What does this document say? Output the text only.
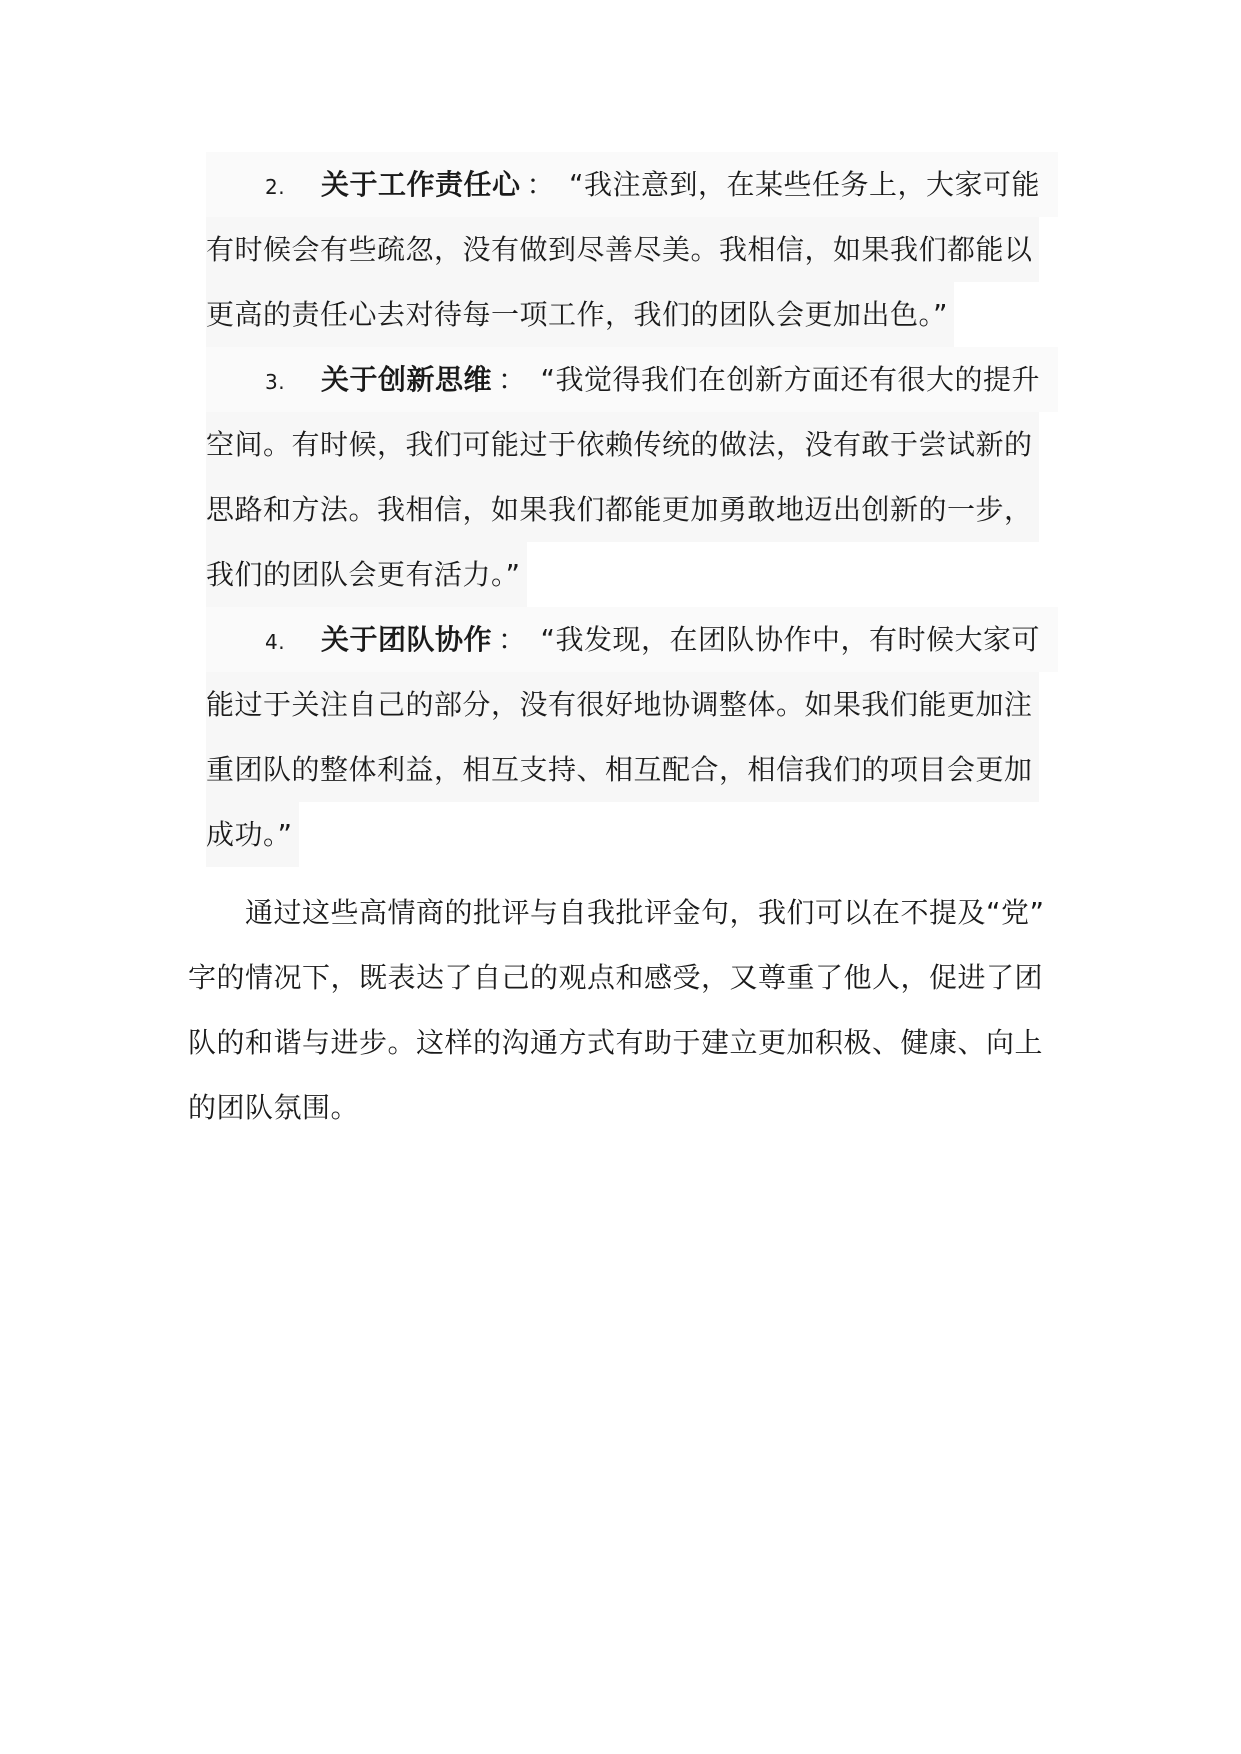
2. 关于工作责任心 ： “我注意到，在某些任务上，大家可能
有时候会有些疏忽，没有做到尽善尽美。我相信，如果我们都能以 更高的责任心去对待每一项工作，我们的团队会更加出色。”
3. 关于创新思维 ： “我觉得我们在创新方面还有很大的提升
空间。有时候，我们可能过于依赖传统的做法，没有敢于尝试新的 思路和方法。我相信，如果我们都能更加勇敢地迈出创新的一步， 我们的团队会更有活力。”
4. 关于团队协作 ： “我发现，在团队协作中，有时候大家可
能过于关注自己的部分，没有很好地协调整体。如果我们能更加注 重团队的整体利益，相互支持、相互配合，相信我们的项目会更加 成功。”
通过这些高情商的批评与自我批评金句，我们可以在不提及“党”
字的情况下，既表达了自己的观点和感受，又尊重了他人，促进了团
队的和谐与进步。这样的沟通方式有助于建立更加积极、健康、向上
的团队氛围。
